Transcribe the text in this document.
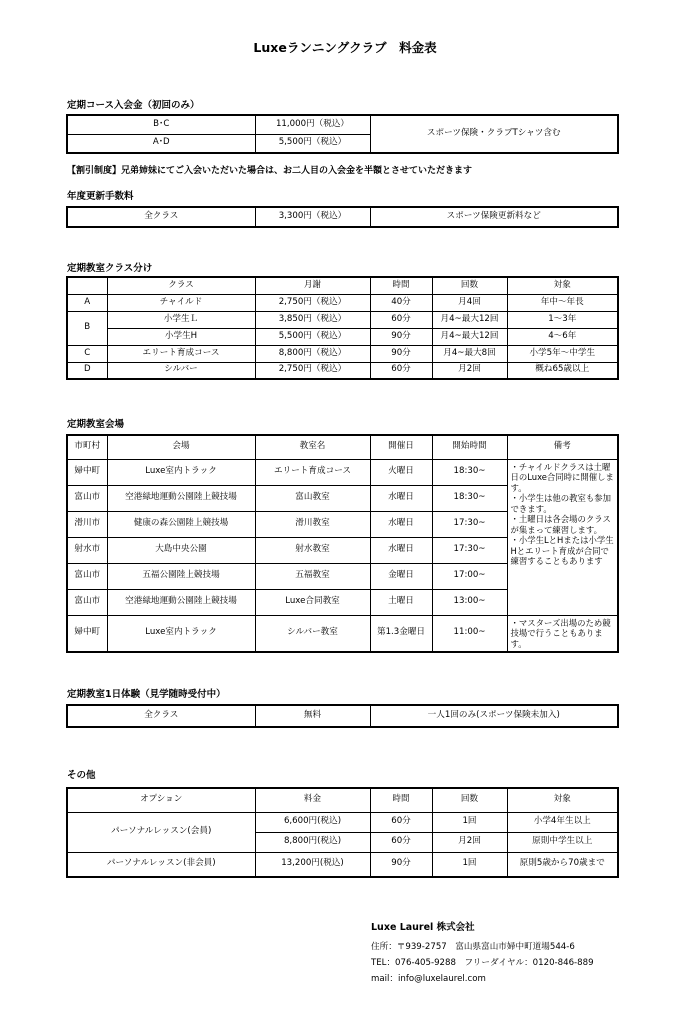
Luxeランニングクラブ　料金表
定期コース入会金（初回のみ）
B･C	11,000円（税込）	スポーツ保険・クラブTシャツ含む
A･D	5,500円（税込）	
【割引制度】兄弟姉妹にてご入会いただいた場合は、お二人目の入会金を半額とさせていただきます
年度更新手数料
全クラス	3,300円（税込）	スポーツ保険更新料など
定期教室クラス分け
	クラス	月謝	時間	回数	対象
A	チャイルド	2,750円（税込）	40分	月4回	年中～年長
B	小学生Ｌ	3,850円（税込）	60分	月4~最大12回	1～3年
	小学生H	5,500円（税込）	90分	月4~最大12回	4～6年
C	エリート育成コース	8,800円（税込）	90分	月4~最大8回	小学5年～中学生
D	シルバー	2,750円（税込）	60分	月2回	概ね65歳以上
定期教室会場
市町村	会場	教室名	開催日	開始時間	備考
婦中町	Luxe室内トラック	エリート育成コース	火曜日	18:30~	・チャイルドクラスは土曜日のLuxe合同時に開催します。
・小学生は他の教室も参加できます。
・土曜日は各会場のクラスが集まって練習します。
・小学生LとHまたは小学生Hとエリート育成が合同で練習することもあります
富山市	空港緑地運動公園陸上競技場	富山教室	水曜日	18:30~	
滑川市	健康の森公園陸上競技場	滑川教室	水曜日	17:30~	
射水市	大島中央公園	射水教室	水曜日	17:30~	
富山市	五福公園陸上競技場	五福教室	金曜日	17:00~	
富山市	空港緑地運動公園陸上競技場	Luxe合同教室	土曜日	13:00~	
婦中町	Luxe室内トラック	シルバー教室	第1.3金曜日	11:00~	・マスターズ出場のため競技場で行うこともあります。
定期教室1日体験（見学随時受付中）
全クラス	無料	一人1回のみ(スポーツ保険未加入)
その他
オプション	料金	時間	回数	対象
パーソナルレッスン(会員)	6,600円(税込)	60分	1回	小学4年生以上
	8,800円(税込)	60分	月2回	原則中学生以上
パーソナルレッスン(非会員)	13,200円(税込)	90分	1回	原則5歳から70歳まで
Luxe Laurel 株式会社
住所：〒939-2757　富山県富山市婦中町道場544-6
TEL：076-405-9288　フリーダイヤル：0120-846-889
mail：info@luxelaurel.com
